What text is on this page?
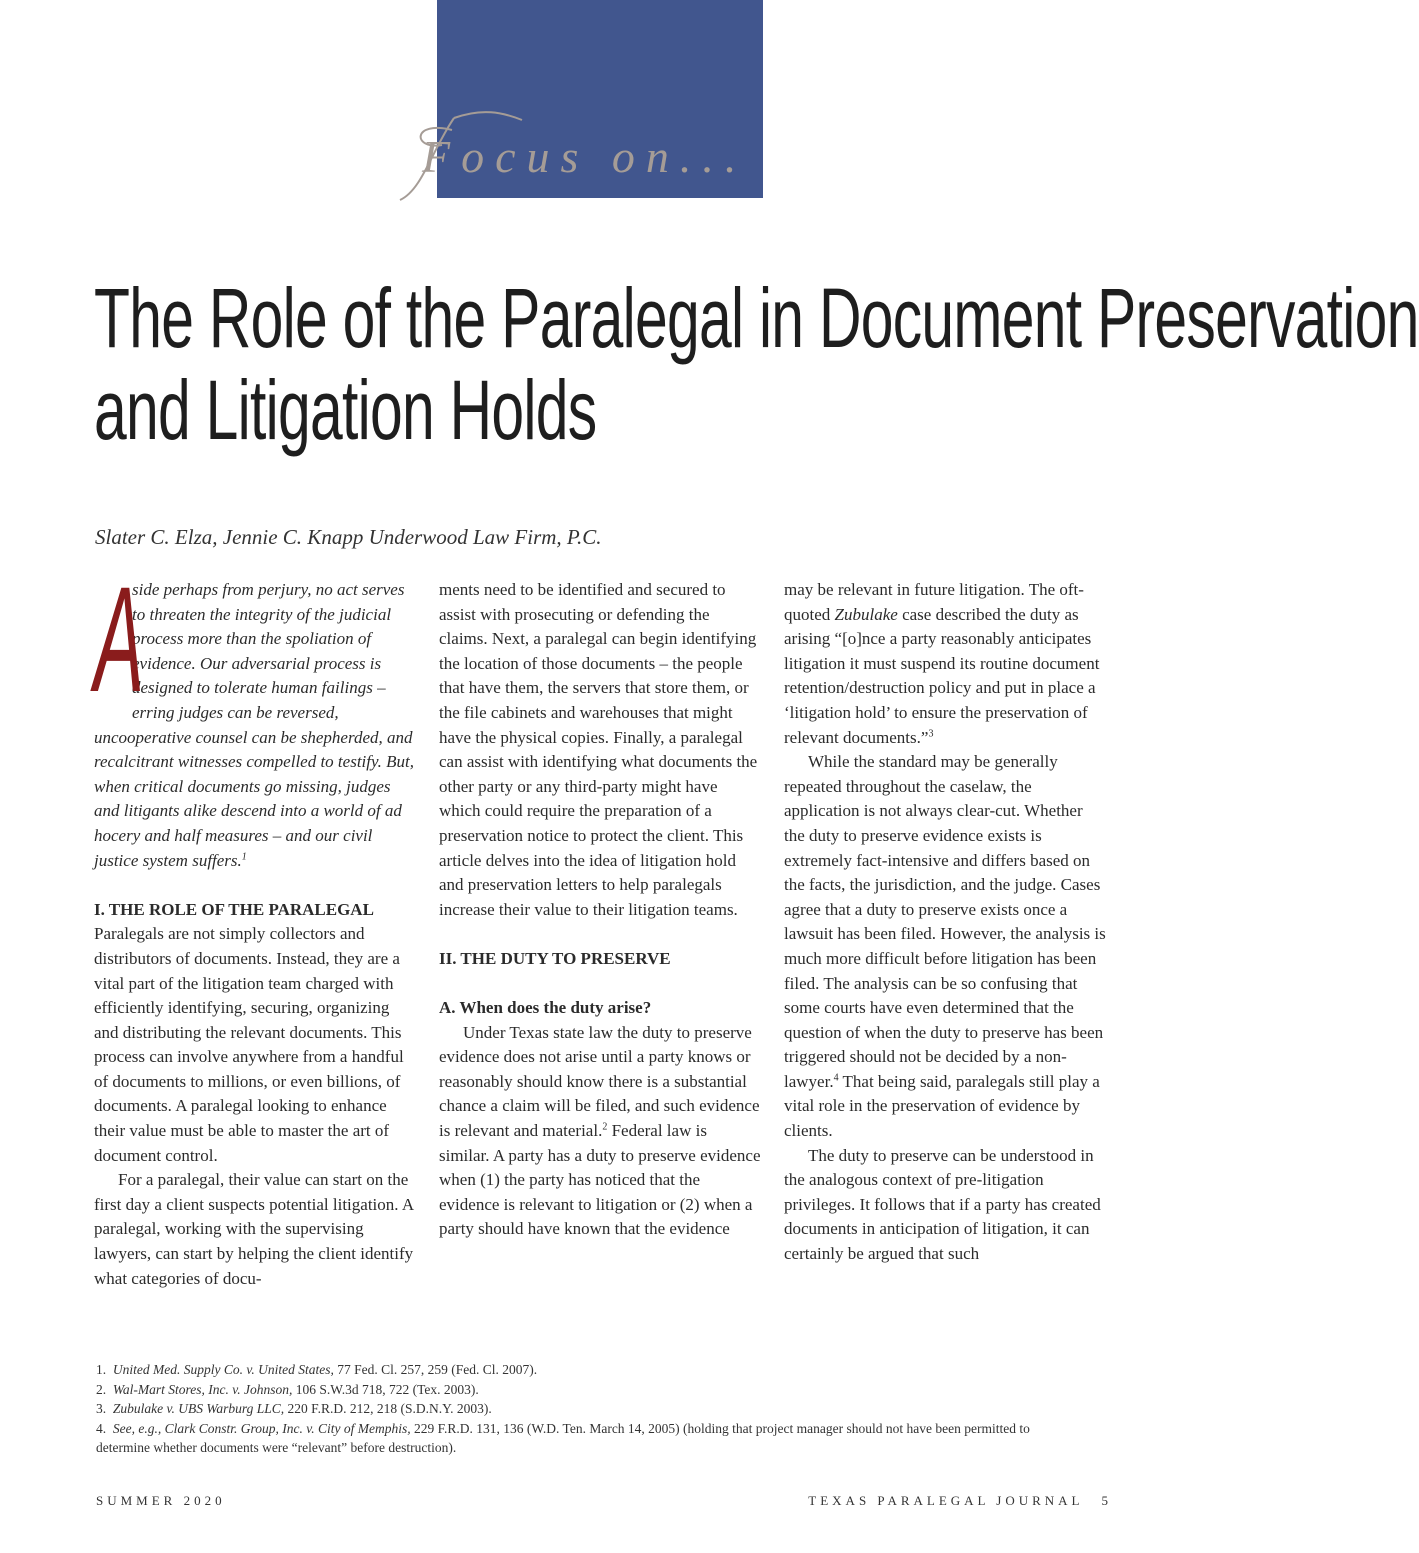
Focus on...
The Role of the Paralegal in Document Preservation
and Litigation Holds
Slater C. Elza, Jennie C. Knapp Underwood Law Firm, P.C.

A
side perhaps from perjury, no act serves to threaten the integrity of the judicial process more than the spoliation of evidence. Our adversarial process is designed to tolerate human failings – erring judges can be reversed, uncooperative counsel can be shepherded, and recalcitrant witnesses compelled to testify. But, when critical documents go missing, judges and litigants alike descend into a world of ad hocery and half measures – and our civil justice system suffers.$^1$

I. THE ROLE OF THE PARALEGAL

Paralegals are not simply collectors and distributors of documents. Instead, they are a vital part of the litigation team charged with efficiently identifying, securing, organizing and distributing the relevant documents. This process can involve anywhere from a handful of documents to millions, or even billions, of documents. A paralegal looking to enhance their value must be able to master the art of document control.

For a paralegal, their value can start on the first day a client suspects potential litigation. A paralegal, working with the supervising lawyers, can start by helping the client identify what categories of docu-

ments need to be identified and secured to assist with prosecuting or defending the claims. Next, a paralegal can begin identifying the location of those documents – the people that have them, the servers that store them, or the file cabinets and warehouses that might have the physical copies. Finally, a paralegal can assist with identifying what documents the other party or any third-party might have which could require the preparation of a preservation notice to protect the client. This article delves into the idea of litigation hold and preservation letters to help paralegals increase their value to their litigation teams.

II. THE DUTY TO PRESERVE

A. When does the duty arise?

Under Texas state law the duty to preserve evidence does not arise until a party knows or reasonably should know there is a substantial chance a claim will be filed, and such evidence is relevant and material.$^2$ Federal law is similar. A party has a duty to preserve evidence when (1) the party has noticed that the evidence is relevant to litigation or (2) when a party should have known that the evidence

may be relevant in future litigation. The oft-quoted Zubulake case described the duty as arising “[o]nce a party reasonably anticipates litigation it must suspend its routine document retention/destruction policy and put in place a ‘litigation hold’ to ensure the preservation of relevant documents.”$^3$

While the standard may be generally repeated throughout the caselaw, the application is not always clear-cut. Whether the duty to preserve evidence exists is extremely fact-intensive and differs based on the facts, the jurisdiction, and the judge. Cases agree that a duty to preserve exists once a lawsuit has been filed. However, the analysis is much more difficult before litigation has been filed. The analysis can be so confusing that some courts have even determined that the question of when the duty to preserve has been triggered should not be decided by a non-lawyer.$^4$ That being said, paralegals still play a vital role in the preservation of evidence by clients.

The duty to preserve can be understood in the analogous context of pre-litigation privileges. It follows that if a party has created documents in anticipation of litigation, it can certainly be argued that such

1. United Med. Supply Co. v. United States, 77 Fed. Cl. 257, 259 (Fed. Cl. 2007).

2. Wal-Mart Stores, Inc. v. Johnson, 106 S.W.3d 718, 722 (Tex. 2003).

3. Zubulake v. UBS Warburg LLC, 220 F.R.D. 212, 218 (S.D.N.Y. 2003).

4. See, e.g., Clark Constr. Group, Inc. v. City of Memphis, 229 F.R.D. 131, 136 (W.D. Ten. March 14, 2005) (holding that project manager should not have been permitted to determine whether documents were “relevant” before destruction).

SUMMER 2020	TEXAS PARALEGAL JOURNAL 5
